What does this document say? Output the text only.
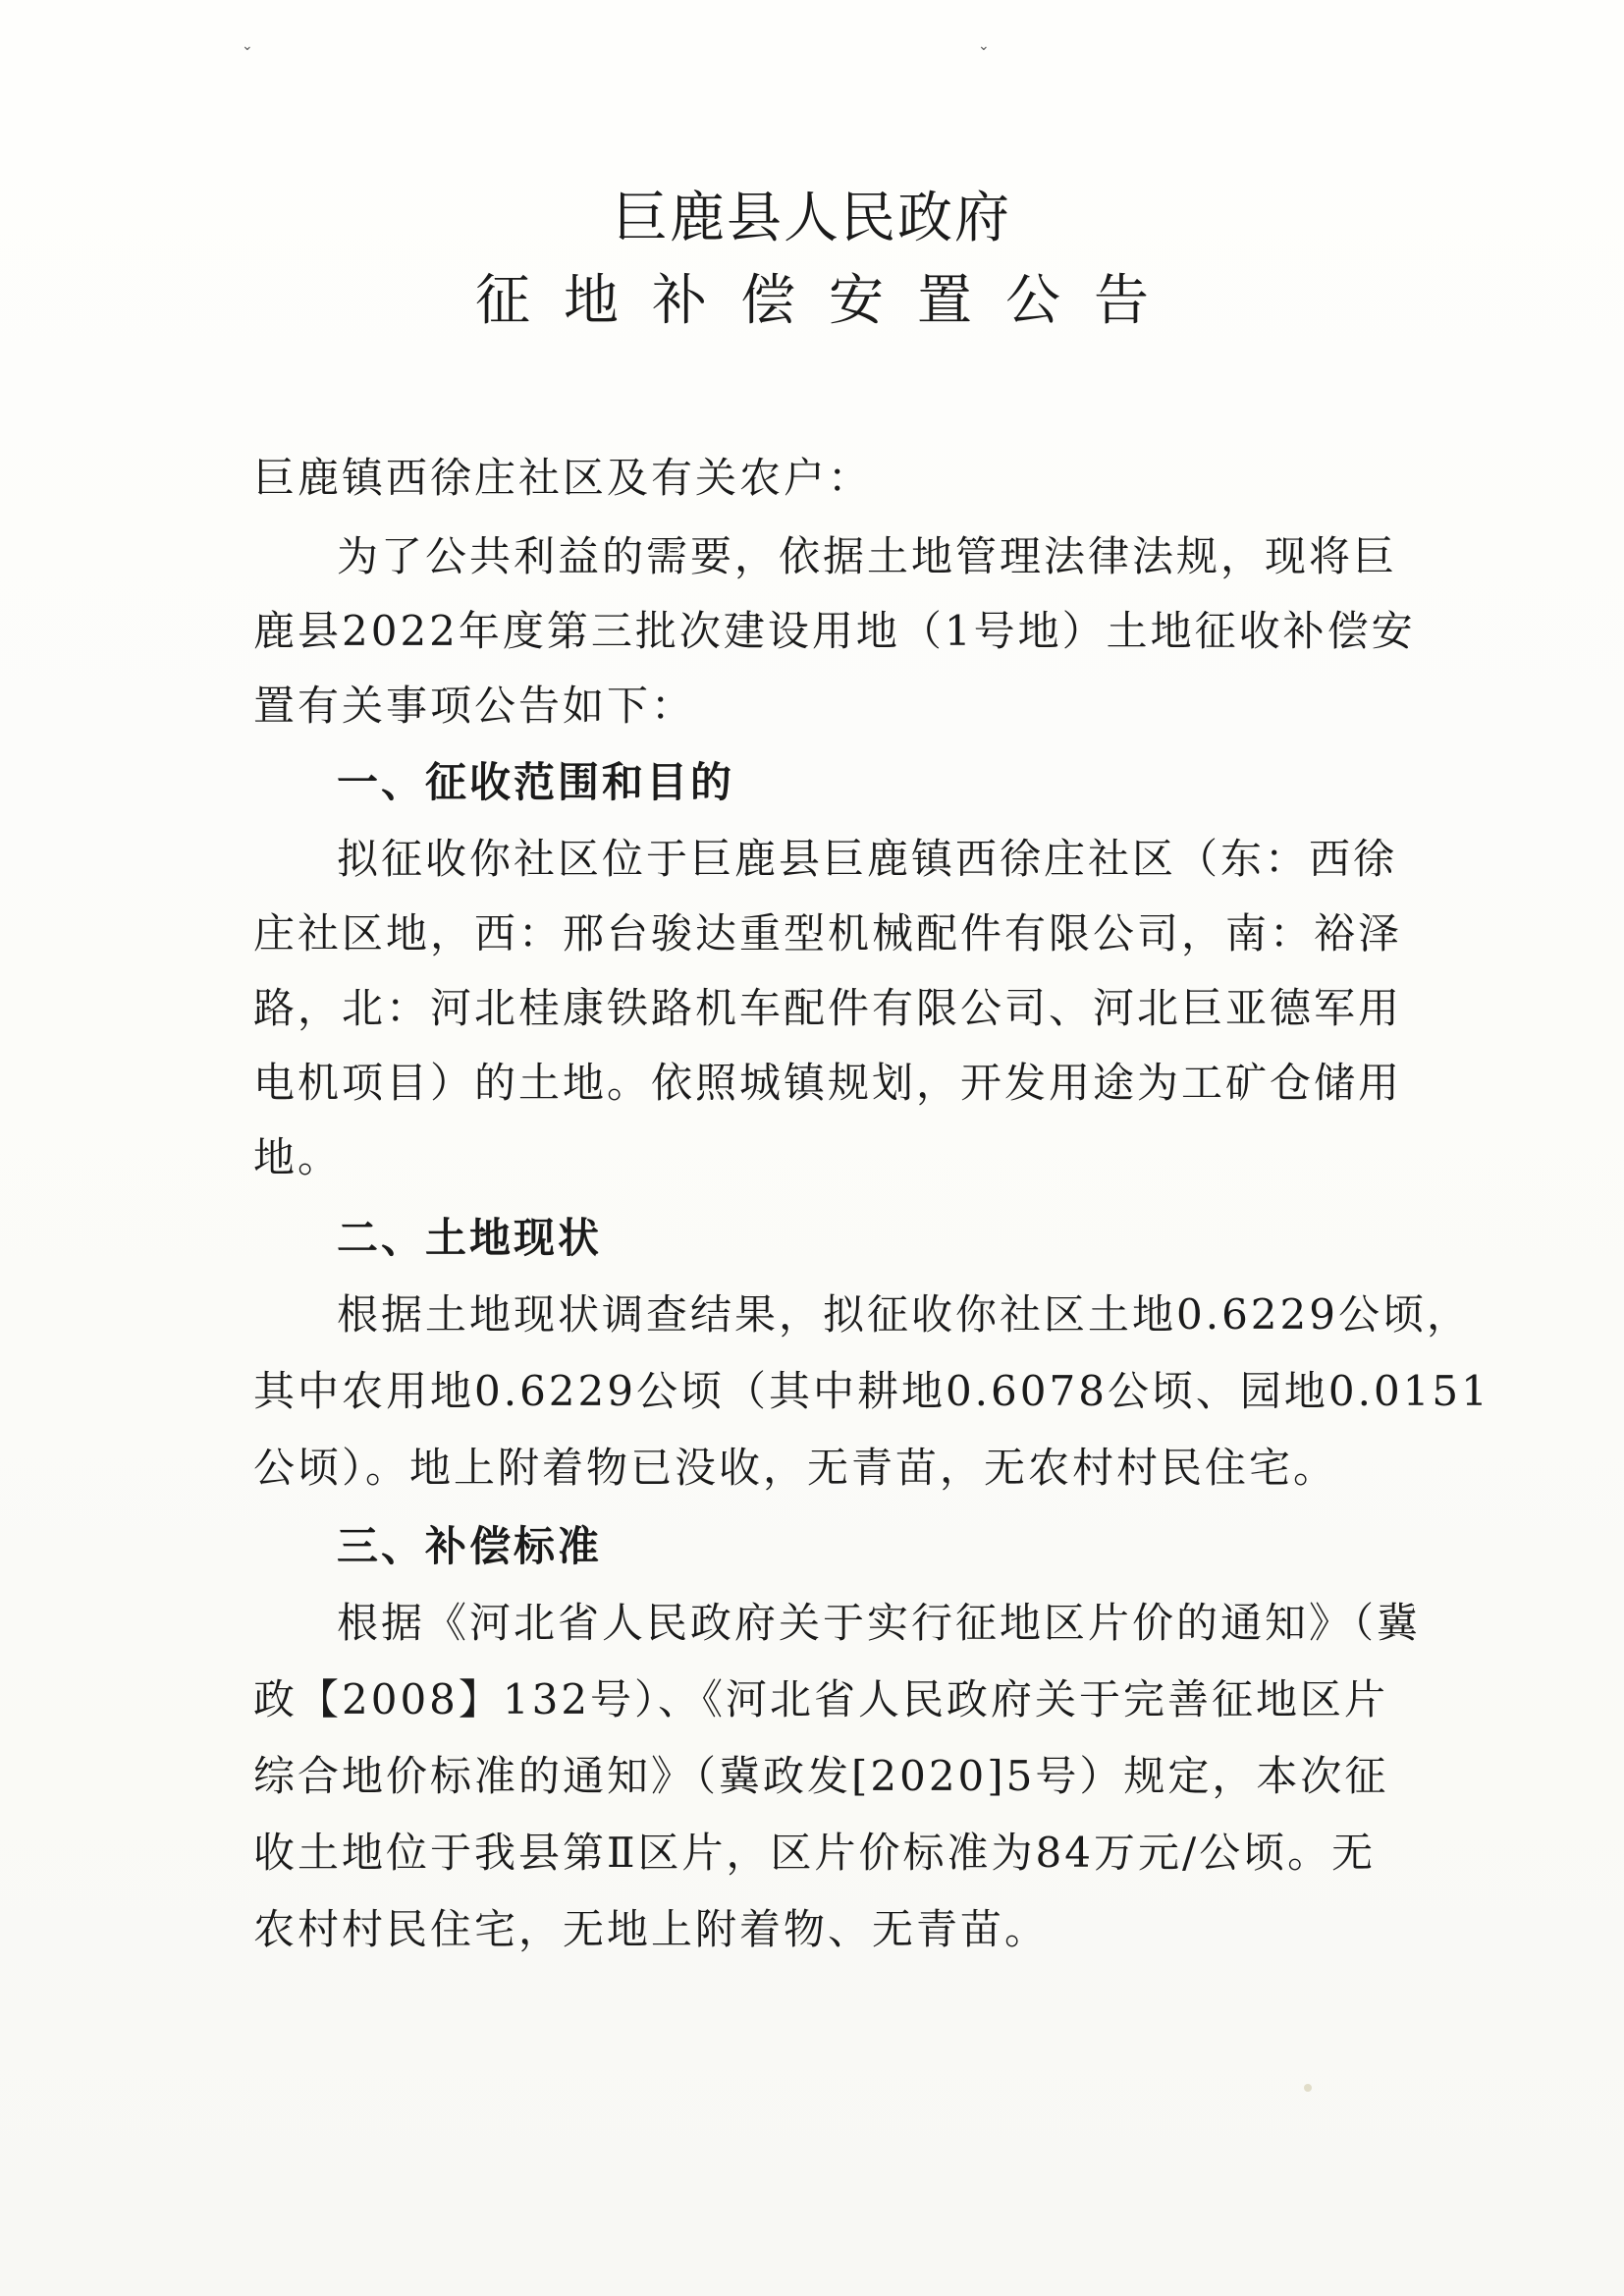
⌄	⌄
巨鹿县人民政府
征地补偿安置公告
巨鹿镇西徐庄社区及有关农户：
为了公共利益的需要，依据土地管理法律法规，现将巨
鹿县2022年度第三批次建设用地（1号地）土地征收补偿安
置有关事项公告如下：
一、征收范围和目的
拟征收你社区位于巨鹿县巨鹿镇西徐庄社区（东：西徐
庄社区地，西：邢台骏达重型机械配件有限公司，南：裕泽
路，北：河北桂康铁路机车配件有限公司、河北巨亚德军用
电机项目）的土地。依照城镇规划，开发用途为工矿仓储用
地。
二、土地现状
根据土地现状调查结果，拟征收你社区土地0.6229公顷，
其中农用地0.6229公顷（其中耕地0.6078公顷、园地0.0151
公顷）。地上附着物已没收，无青苗，无农村村民住宅。
三、补偿标准
根据《河北省人民政府关于实行征地区片价的通知》（冀
政【2008】132号）、《河北省人民政府关于完善征地区片
综合地价标准的通知》（冀政发[2020]5号）规定，本次征
收土地位于我县第Ⅱ区片，区片价标准为84万元/公顷。无
农村村民住宅，无地上附着物、无青苗。
